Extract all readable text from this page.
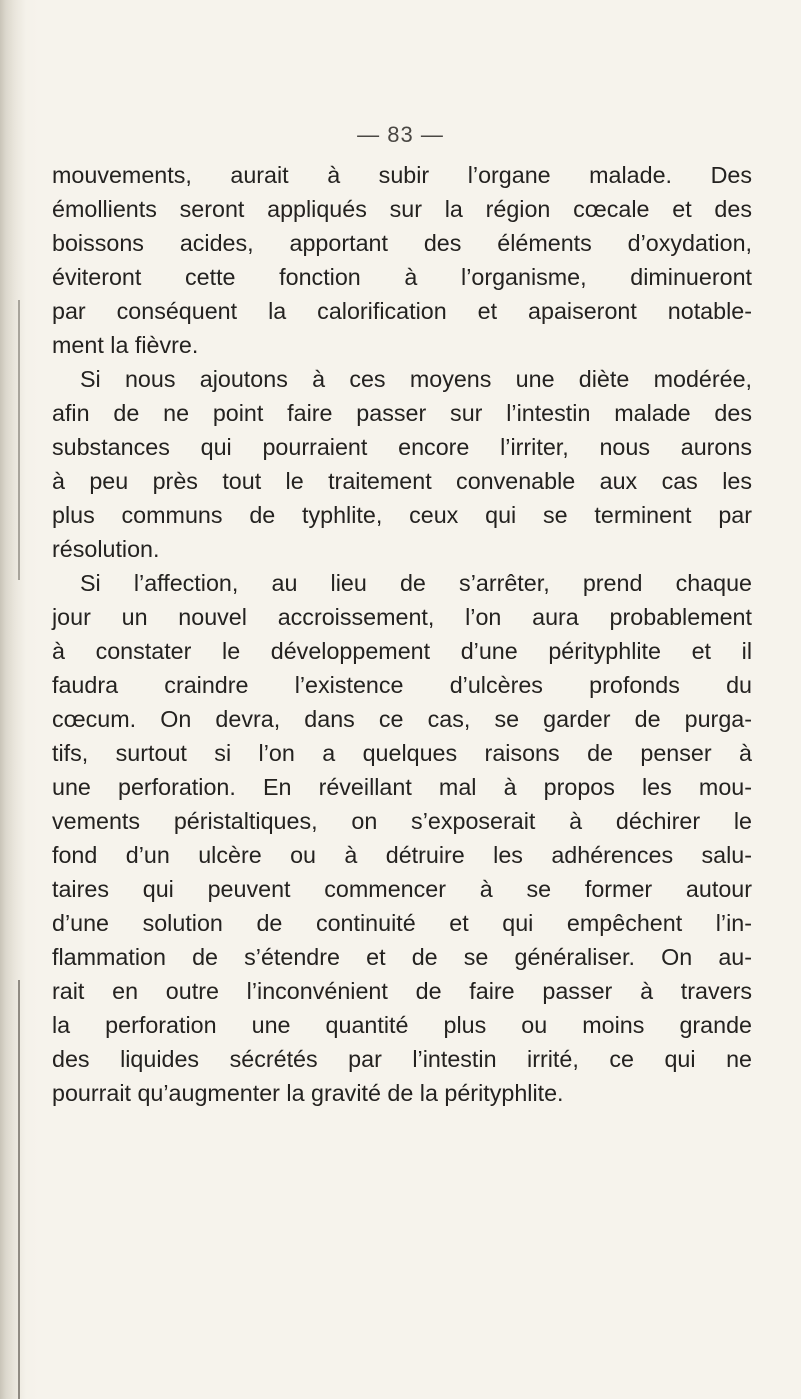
— 83 —
mouvements, aurait à subir l’organe malade. Des
émollients seront appliqués sur la région cœcale et des
boissons acides, apportant des éléments d’oxydation,
éviteront cette fonction à l’organisme, diminueront
par conséquent la calorification et apaiseront notable-
ment la fièvre.
Si nous ajoutons à ces moyens une diète modérée,
afin de ne point faire passer sur l’intestin malade des
substances qui pourraient encore l’irriter, nous aurons
à peu près tout le traitement convenable aux cas les
plus communs de typhlite, ceux qui se terminent par
résolution.
Si l’affection, au lieu de s’arrêter, prend chaque
jour un nouvel accroissement, l’on aura probablement
à constater le développement d’une pérityphlite et il
faudra craindre l’existence d’ulcères profonds du
cœcum. On devra, dans ce cas, se garder de purga-
tifs, surtout si l’on a quelques raisons de penser à
une perforation. En réveillant mal à propos les mou-
vements péristaltiques, on s’exposerait à déchirer le
fond d’un ulcère ou à détruire les adhérences salu-
taires qui peuvent commencer à se former autour
d’une solution de continuité et qui empêchent l’in-
flammation de s’étendre et de se généraliser. On au-
rait en outre l’inconvénient de faire passer à travers
la perforation une quantité plus ou moins grande
des liquides sécrétés par l’intestin irrité, ce qui ne
pourrait qu’augmenter la gravité de la pérityphlite.
